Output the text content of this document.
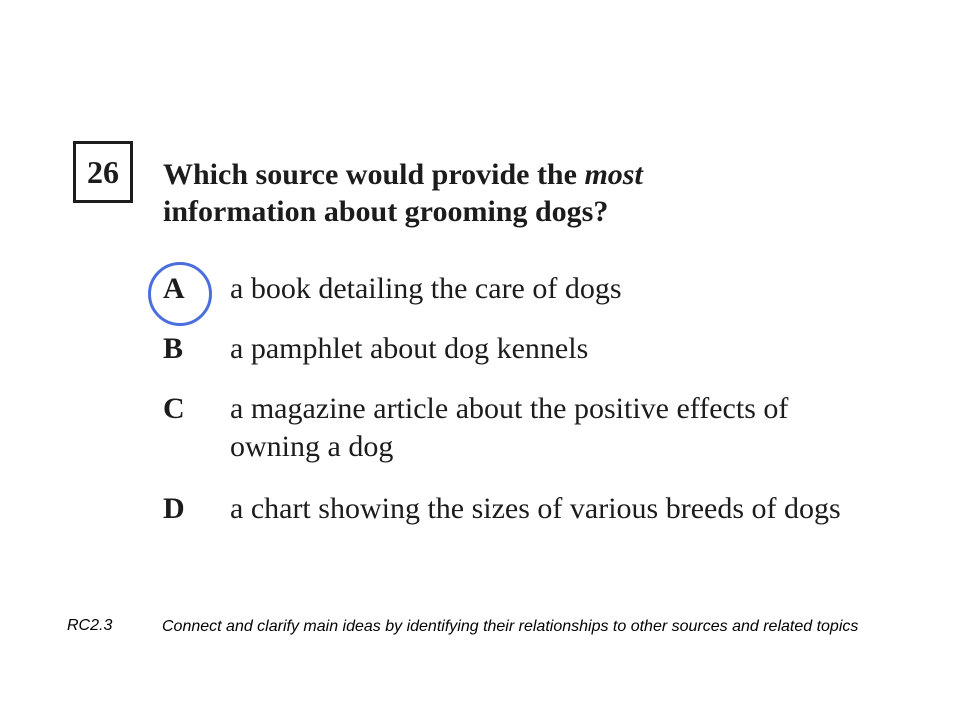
26 Which source would provide the most information about grooming dogs?
A	a book detailing the care of dogs
B	a pamphlet about dog kennels
C	a magazine article about the positive effects of owning a dog
D	a chart showing the sizes of various breeds of dogs
RC2.3	Connect and clarify main ideas by identifying their relationships to other sources and related topics
